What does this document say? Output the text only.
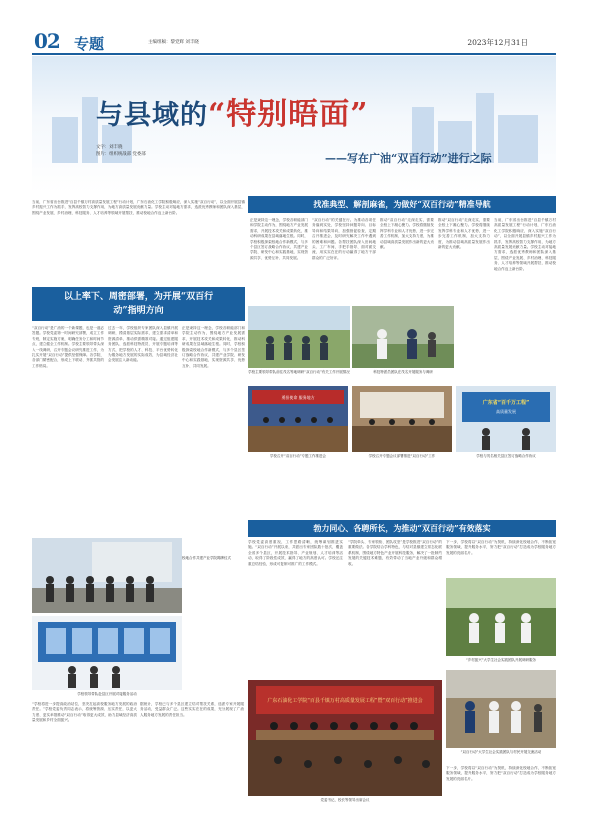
02 专题	主编组稿：黎党辉 刘丰晓	2023年12月31日
与县域的“特别晤面”
文字：刘丰晓
图片：组织统战部 党委部	——写在广油“双百行动”进行之际
当前，广东省出台推进“百县千镇万村高质量发展工程”行动计划，广东石油化工学院积极响应，深入实施“双百行动”，以全面开展县镇乡村振兴工作为抓手，发挥高校智力支撑作用，为地方高质量发展贡献力量。学校主动对接地方需求，选派优秀教师和团队深入基层，围绕产业发展、乡村治理、科技服务、人才培养等领域开展帮扶，推动校地合作迈上新台阶。
找准典型、解剖麻雀，为做好“双百行动”精准导航
正是秉持这一理念，学校各职能部门和学院主动作为，围绕地方产业发展需求，开展技术攻关和成果转化，推动科研成果在县域落地生根。同时，学校积极探索校地合作新模式，与多个县区签订战略合作协议，共建产业学院、研发中心和实践基地，实现资源共享、优势互补、共同发展。
“双百行动”的关键在行。为推动各项任务落到实处，学校坚持问题导向、目标导向和结果导向，加强督促检查，定期召开推进会，及时研究解决工作中遇到的困难和问题。各帮扶团队深入田间地头、工厂车间，手把手指导、面对面交流，用实实在在的行动赢得了地方干部群众的广泛好评。
推动“双百行动”走深走实，需要全校上下凝心聚力。学校将继续发挥学科专业和人才优势，进一步完善工作机制，加大支持力度，为推动县域高质量发展作出新的更大贡献。
推动“双百行动”走深走实，需要全校上下凝心聚力。学校将继续发挥学科专业和人才优势，进一步完善工作机制，加大支持力度，为推动县域高质量发展作出新的更大贡献。
当前，广东省出台推进“百县千镇万村高质量发展工程”行动计划，广东石油化工学院积极响应，深入实施“双百行动”，以全面开展县镇乡村振兴工作为抓手，发挥高校智力支撑作用，为地方高质量发展贡献力量。学校主动对接地方需求，选派优秀教师和团队深入基层，围绕产业发展、乡村治理、科技服务、人才培养等领域开展帮扶，推动校地合作迈上新台阶。
以上率下、周密部署，为开展“双百行动”指明方向
“双百行动”是广油的一个新课题，也是一道必答题。学校党委第一时间研究部署，成立工作专班，制定实施方案，明确任务分工和时间节点，建立健全工作机制。学校主要领导带头深入一线调研，召开专题会议研究推进工作，为扎实开展“双百行动”提供坚强保障。各学院、各部门紧密配合，形成上下联动、齐抓共管的工作格局。
过去一年，学校组织专家团队深入县镇开展调研，摸清基层实际需求，建立需求清单和资源清单，推动供需精准对接。通过组建服务团队、选派科技特派员、开展专题培训等方式，把学校的人才、科技、平台优势转化为服务地方发展的实际成效，为县域经济社会发展注入新动能。
正是秉持这一理念，学校各职能部门和学院主动作为，围绕地方产业发展需求，开展技术攻关和成果转化，推动科研成果在县域落地生根。同时，学校积极探索校地合作新模式，与多个县区签订战略合作协议，共建产业学院、研发中心和实践基地，实现资源共享、优势互补、共同发展。
学校主要领导带队前往茂名等地调研“双百行动”有关工作开展情况	科技特派员团队在茂名开展服务与调研
勇担使命 服务地方
广东省“百千万工程”
高质量发展
学校召开“双百行动”专题工作推进会	学校召开专题会议部署推进“双百行动”工作	学校与茂名相关县区签订战略合作协议
勃力同心、各聘所长，为推动“双百行动”有效落实
校地合作共建产业学院揭牌仪式
学校领导带队赴县区开展对接服务活动
学校党委高度重视，工作思路清晰，统筹谋划推进实施。“双百行动”开展以来，共派出专家团队数十批次，覆盖全省多个县区，开展技术指导、产业规划、人才培训等活动，取得了阶段性成效，赢得了地方的高度认可。学校还注重总结经验，形成可复制可推广的工作模式。
“学院牵头、专家领衔、团队攻坚”是学校推进“双百行动”的重要做法。各学院结合学科特色，与结对县镇建立常态化联系机制，围绕地方特色产业开展科技服务，解决了一批制约发展的关键技术难题，有效带动了当地产业升级和群众增收。
下一步，学校将以“双百行动”为契机，持续深化校地合作，不断拓宽服务领域，提升服务水平，努力把“双百行动”打造成为学校服务地方发展的亮丽名片。
“乡村振兴”大学生社会实践团队开展调研服务
“双百行动”大学生社会实践团队与村民开展交流活动
广东石油化工学院“百县千镇万村高质量发展工程”暨“双百行动”推进会
党委书记、校长等领导出席会议
“学校将进一步提高政治站位，坚决扛起高校服务地方发展的政治责任。”学校党委负责同志表示，将统筹资源、压实责任，以更大力度、更实举措推动“双百行动”取得更大成效，助力县域经济高质量发展和乡村全面振兴。
据统计，学校已与多个县区建立结对帮扶关系，选派专家开展服务活动，受益群众广泛。这些实实在在的成果，充分展现了广油人服务地方发展的责任担当。
下一步，学校将以“双百行动”为契机，持续深化校地合作，不断拓宽服务领域，提升服务水平，努力把“双百行动”打造成为学校服务地方发展的亮丽名片。
